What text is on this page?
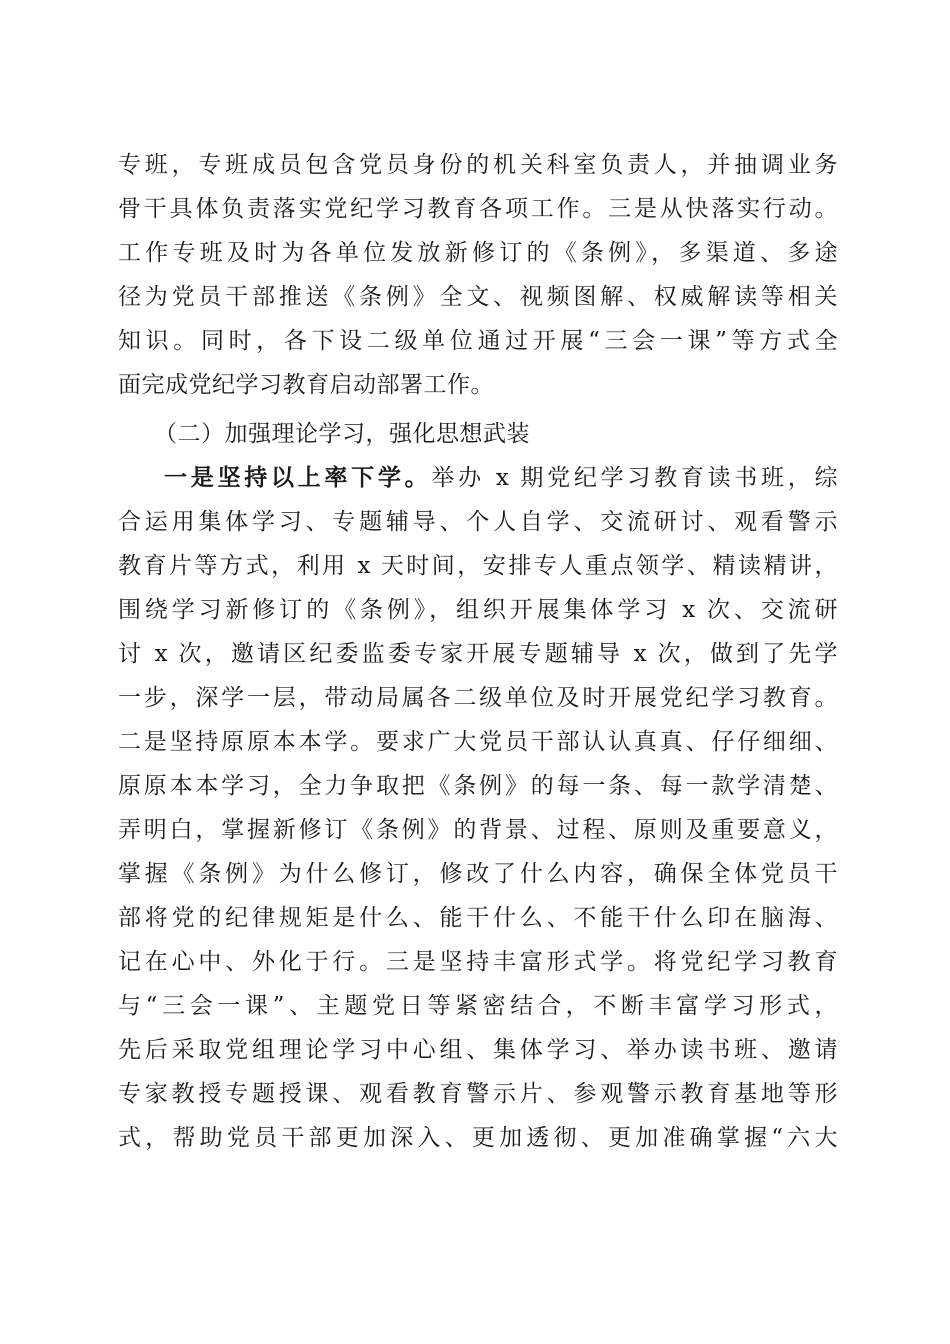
专班，专班成员包含党员身份的机关科室负责人，并抽调业务
骨干具体负责落实党纪学习教育各项工作。三是从快落实行动。
工作专班及时为各单位发放新修订的《条例》，多渠道、多途
径为党员干部推送《条例》全文、视频图解、权威解读等相关
知识。同时，各下设二级单位通过开展“三会一课”等方式全
面完成党纪学习教育启动部署工作。
（二）加强理论学习，强化思想武装
一是坚持以上率下学。举办 x 期党纪学习教育读书班，综
合运用集体学习、专题辅导、个人自学、交流研讨、观看警示
教育片等方式，利用 x 天时间，安排专人重点领学、精读精讲，
围绕学习新修订的《条例》，组织开展集体学习 x 次、交流研
讨 x 次，邀请区纪委监委专家开展专题辅导 x 次，做到了先学
一步，深学一层，带动局属各二级单位及时开展党纪学习教育。
二是坚持原原本本学。要求广大党员干部认认真真、仔仔细细、
原原本本学习，全力争取把《条例》的每一条、每一款学清楚、
弄明白，掌握新修订《条例》的背景、过程、原则及重要意义，
掌握《条例》为什么修订，修改了什么内容，确保全体党员干
部将党的纪律规矩是什么、能干什么、不能干什么印在脑海、
记在心中、外化于行。三是坚持丰富形式学。将党纪学习教育
与“三会一课”、主题党日等紧密结合，不断丰富学习形式，
先后采取党组理论学习中心组、集体学习、举办读书班、邀请
专家教授专题授课、观看教育警示片、参观警示教育基地等形
式，帮助党员干部更加深入、更加透彻、更加准确掌握“六大
